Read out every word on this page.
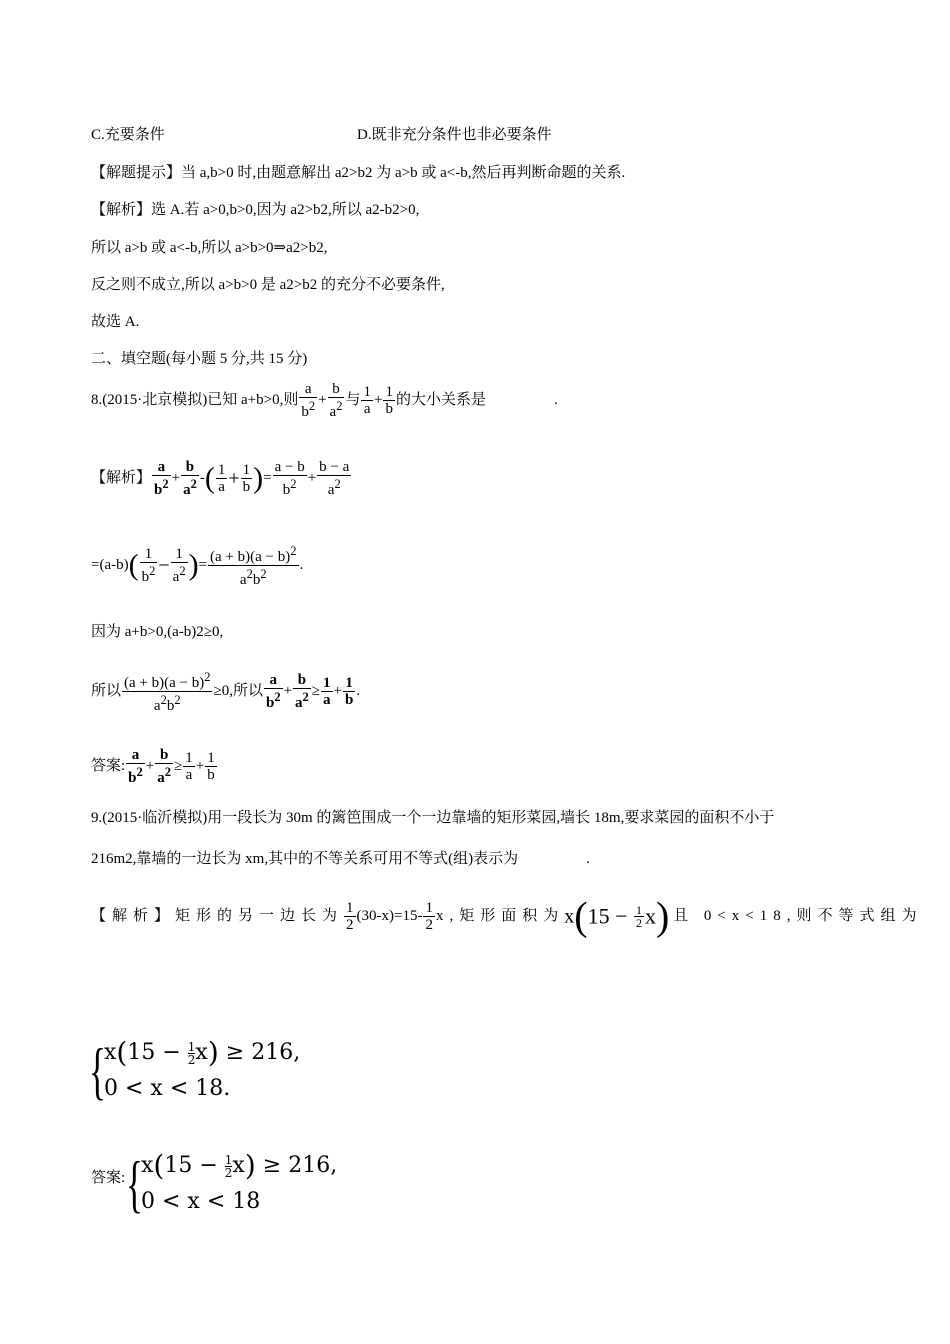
C.充要条件	D.既非充分条件也非必要条件
【解题提示】当 a,b>0 时,由题意解出 a2>b2 为 a>b 或 a<-b,然后再判断命题的关系.
【解析】选 A.若 a>0,b>0,因为 a2>b2,所以 a2-b2>0,
所以 a>b 或 a<-b,所以 a>b>0⇒a2>b2,
反之则不成立,所以 a>b>0 是 a2>b2 的充分不必要条件,
故选 A.
二、填空题(每小题 5 分,共 15 分)
8.(2015·北京模拟)已知 a+b>0,则 $\frac{a}{b^2} + \frac{b}{a^2}$ 与 $\frac{1}{a} + \frac{1}{b}$ 的大小关系是	.
【解析】 $\frac{a}{b^2} + \frac{b}{a^2}$ -( $\frac{1}{a} + \frac{1}{b}$ )= $\frac{a - b}{b^2} + \frac{b - a}{a^2}$
$=(a-b)( \frac{1}{b^2} - \frac{1}{a^2}$ )= $\frac{(a + b)(a - b)^2}{a^2b^2}$ .
因为 a+b>0,(a-b)2≥0,
所以 $\frac{(a + b)(a - b)^2}{a^2b^2} \ge 0$,所以 $\frac{a}{b^2} + \frac{b}{a^2} \ge \frac{1}{a} + \frac{1}{b}$ .
答案: $\frac{a}{b^2} + \frac{b}{a^2} \ge \frac{1}{a} + \frac{1}{b}$
9.(2015·临沂模拟)用一段长为 30m 的篱笆围成一个一边靠墙的矩形菜园,墙长 18m,要求菜园的面积不小于
216m2,靠墙的一边长为 xm,其中的不等关系可用不等式(组)表示为	.
【解析】矩形的另一边长为 $\frac{1}{2} (30-x)=15- \frac{1}{2} x$,矩形面积为$x(15 - \frac{1}{2} x)$ 且 0<x<18,则不等式组为
{
$x(15 - \frac{1}{2} x) \ge 216$,
0 < x < 18.
答案: {
$x(15 - \frac{1}{2} x) \ge 216$,
0 < x < 18
